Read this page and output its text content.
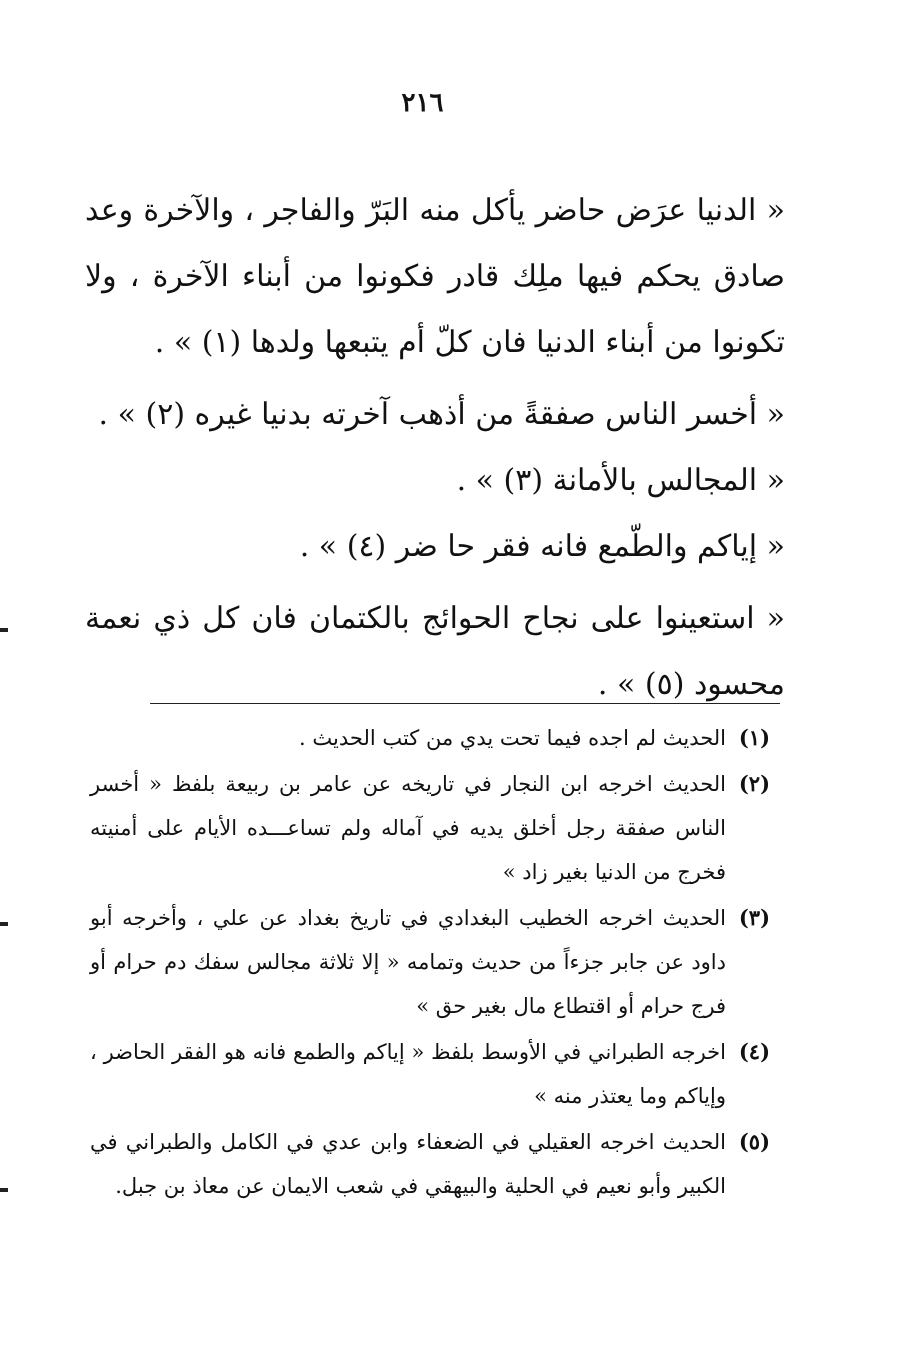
٢١٦

« الدنيا عرَض حاضر يأكل منه البَرّ والفاجر ، والآخرة وعد صادق يحكم فيها ملِك قادر فكونوا من أبناء الآخرة ، ولا تكونوا من أبناء الدنيا فان كلّ أم يتبعها ولدها (١) » .

« أخسر الناس صفقةً من أذهب آخرته بدنيا غيره (٢) » .

« المجالس بالأمانة (٣) » .

« إياكم والطّمع فانه فقر حا ضر (٤) » .

« استعينوا على نجاح الحوائج بالكتمان فان كل ذي نعمة محسود (٥) » .

(١)
الحديث لم اجده فيما تحت يدي من كتب الحديث .
(٢)
الحديث اخرجه ابن النجار في تاريخه عن عامر بن ربيعة بلفظ « أخسر الناس صفقة رجل أخلق يديه في آماله ولم تساعـــده الأيام على أمنيته فخرج من الدنيا بغير زاد »
(٣)
الحديث اخرجه الخطيب البغدادي في تاريخ بغداد عن علي ، وأخرجه أبو داود عن جابر جزءاً من حديث وتمامه « إلا ثلاثة مجالس سفك دم حرام أو فرج حرام أو اقتطاع مال بغير حق »
(٤)
اخرجه الطبراني في الأوسط بلفظ « إياكم والطمع فانه هو الفقر الحاضر ، وإياكم وما يعتذر منه »
(٥)
الحديث اخرجه العقيلي في الضعفاء وابن عدي في الكامل والطبراني في الكبير وأبو نعيم في الحلية والبيهقي في شعب الايمان عن معاذ بن جبل.
